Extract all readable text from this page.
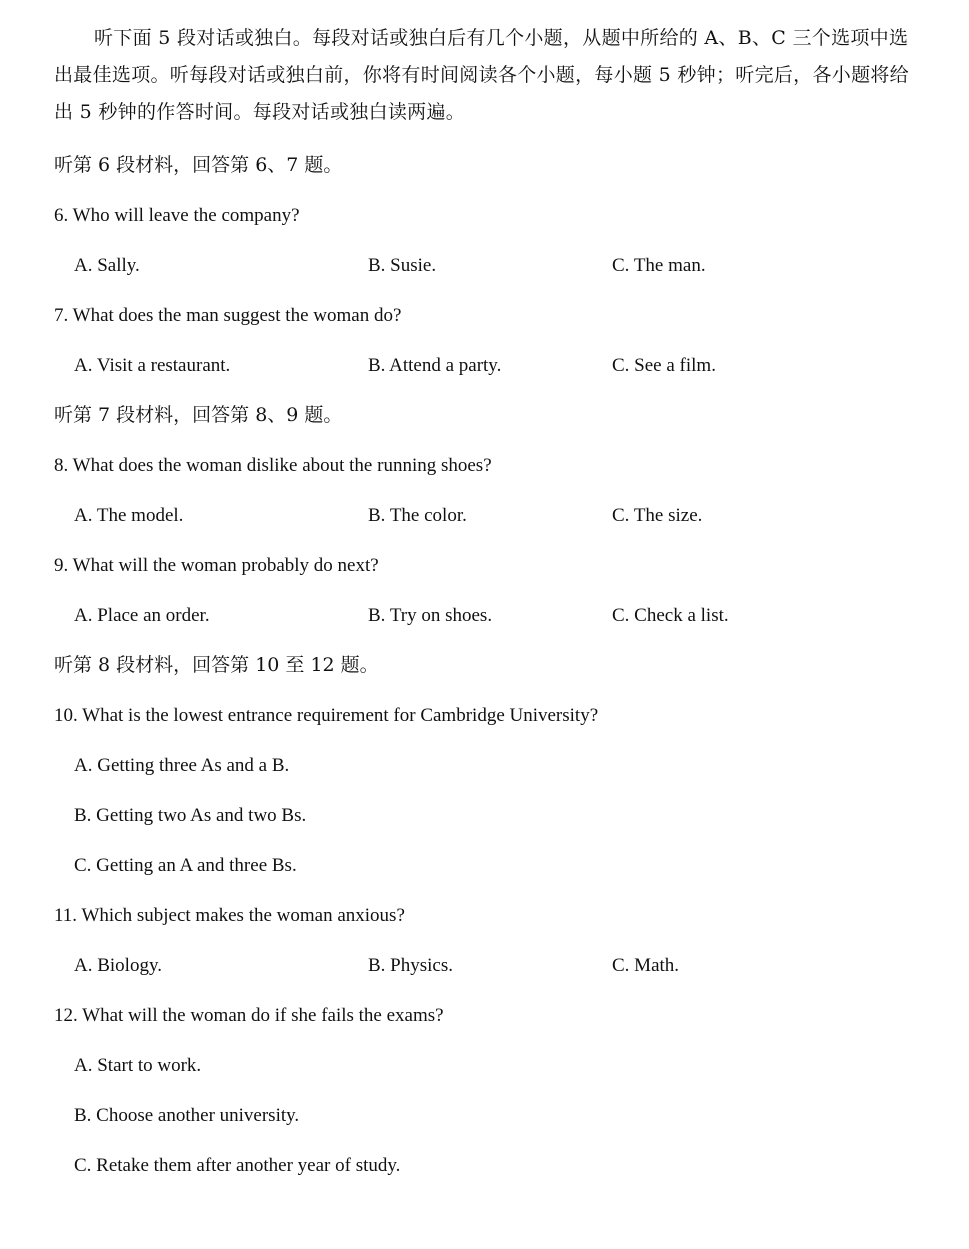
听下面 5 段对话或独白。每段对话或独白后有几个小题，从题中所给的 A、B、C 三个选项中选
出最佳选项。听每段对话或独白前，你将有时间阅读各个小题，每小题 5 秒钟；听完后，各小题将给
出 5 秒钟的作答时间。每段对话或独白读两遍。
听第 6 段材料，回答第 6、7 题。
6. Who will leave the company?
A. Sally.	B. Susie.	C. The man.
7. What does the man suggest the woman do?
A. Visit a restaurant.	B. Attend a party.	C. See a film.
听第 7 段材料，回答第 8、9 题。
8. What does the woman dislike about the running shoes?
A. The model.	B. The color.	C. The size.
9. What will the woman probably do next?
A. Place an order.	B. Try on shoes.	C. Check a list.
听第 8 段材料，回答第 10 至 12 题。
10. What is the lowest entrance requirement for Cambridge University?
A. Getting three As and a B.
B. Getting two As and two Bs.
C. Getting an A and three Bs.
11. Which subject makes the woman anxious?
A. Biology.	B. Physics.	C. Math.
12. What will the woman do if she fails the exams?
A. Start to work.
B. Choose another university.
C. Retake them after another year of study.
